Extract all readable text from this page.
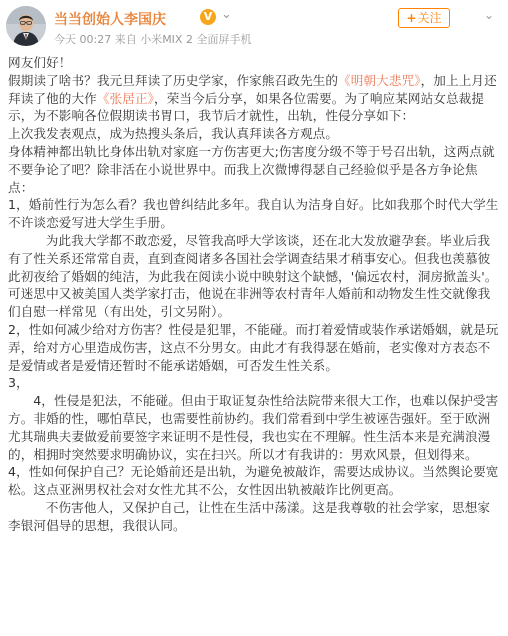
当当创始人李国庆	V ⌄
今天 00:27 来自 小米MIX 2 全面屏手机
+关注	⌄

网友们好！

假期读了啥书？我元旦拜读了历史学家，作家熊召政先生的《明朝大悲咒》，加上上月还拜读了他的大作《张居正》，荣当今后分享，如果各位需要。为了响应某网站女总裁提示，为不影响各位假期读书胃口，我节后才就性，出轨，性侵分享如下：

上次我发表观点，成为热搜头条后，我认真拜读各方观点。

身体精神都出轨比身体出轨对家庭一方伤害更大;伤害度分级不等于号召出轨，这两点就不要争论了吧？除非活在小说世界中。而我上次微博得瑟自己经验似乎是各方争论焦点：

1，婚前性行为怎么看？我也曾纠结此多年。我自认为洁身自好。比如我那个时代大学生不许谈恋爱写进大学生手册。

为此我大学都不敢恋爱，尽管我高呼大学该谈，还在北大发放避孕套。毕业后我有了性关系还常常自责，直到查阅诸多各国社会学调查结果才稍事安心。但我也羡慕彼此初夜给了婚姻的纯洁，为此我在阅读小说中映射这个缺憾，'偏远农村，洞房掀盖头'。可迷思中又被美国人类学家打击，他说在非洲等农村青年人婚前和动物发生性交就像我们自慰一样常见（有出处，引文另附）。

2，性如何减少给对方伤害？性侵是犯罪，不能碰。而打着爱情或装作承诺婚姻，就是玩弄，给对方心里造成伤害，这点不分男女。由此才有我得瑟在婚前，老实像对方表态不是爱情或者是爱情还暂时不能承诺婚姻，可否发生性关系。

3，

4，性侵是犯法，不能碰。但由于取证复杂性给法院带来很大工作，也难以保护受害方。非婚的性，哪怕草民，也需要性前协约。我们常看到中学生被诬告强奸。至于欧洲尤其瑞典夫妻做爱前要签字来证明不是性侵，我也实在不理解。性生活本来是充满浪漫的，相拥时突然要求明确协议，实在扫兴。所以才有我讲的：男欢风景，但划得来。

4，性如何保护自己？无论婚前还是出轨，为避免被敲诈，需要达成协议。当然舆论要宽松。这点亚洲男权社会对女性尤其不公，女性因出轨被敲诈比例更高。

不伤害他人，又保护自己，让性在生活中荡漾。这是我尊敬的社会学家，思想家李银河倡导的思想，我很认同。
